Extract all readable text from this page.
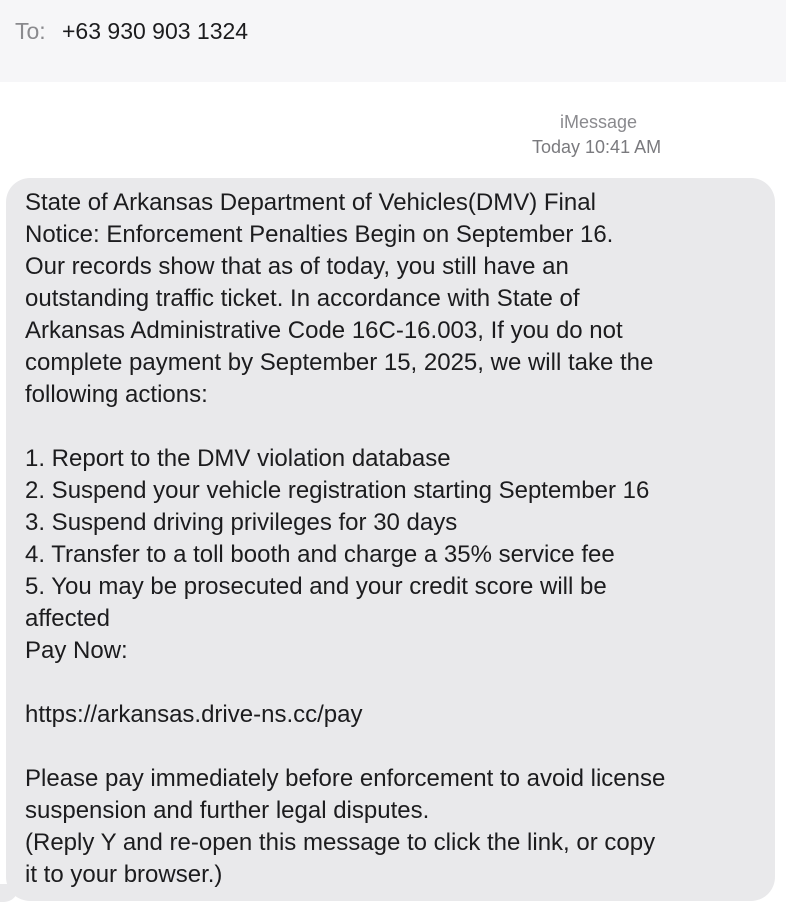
To: +63 930 903 1324
iMessage
Today 10:41 AM

State of Arkansas Department of Vehicles(DMV) Final
Notice: Enforcement Penalties Begin on September 16.
Our records show that as of today, you still have an
outstanding traffic ticket. In accordance with State of
Arkansas Administrative Code 16C-16.003, If you do not
complete payment by September 15, 2025, we will take the
following actions:

1. Report to the DMV violation database
2. Suspend your vehicle registration starting September 16
3. Suspend driving privileges for 30 days
4. Transfer to a toll booth and charge a 35% service fee
5. You may be prosecuted and your credit score will be
affected
Pay Now:

https://arkansas.drive-ns.cc/pay

Please pay immediately before enforcement to avoid license
suspension and further legal disputes.
(Reply Y and re-open this message to click the link, or copy
it to your browser.)
